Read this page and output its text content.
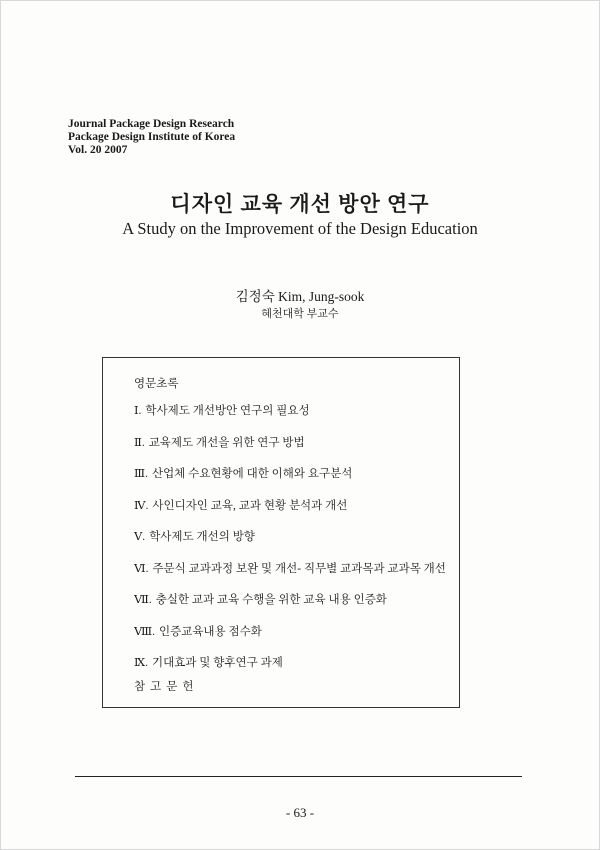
Journal Package Design Research
Package Design Institute of Korea
Vol. 20 2007
디자인 교육 개선 방안 연구
A Study on the Improvement of the Design Education
김정숙 Kim, Jung-sook
혜천대학 부교수
영문초록
Ⅰ. 학사제도 개선방안 연구의 필요성
Ⅱ. 교육제도 개선을 위한 연구 방법
Ⅲ. 산업체 수요현황에 대한 이해와 요구분석
Ⅳ. 사인디자인 교육, 교과 현황 분석과 개선
Ⅴ. 학사제도 개선의 방향
Ⅵ. 주문식 교과과정 보완 및 개선- 직무별 교과목과 교과목 개선
Ⅶ. 충실한 교과 교육 수행을 위한 교육 내용 인증화
Ⅷ. 인증교육내용 점수화
Ⅸ. 기대효과 및 향후연구 과제
참고문헌
- 63 -
